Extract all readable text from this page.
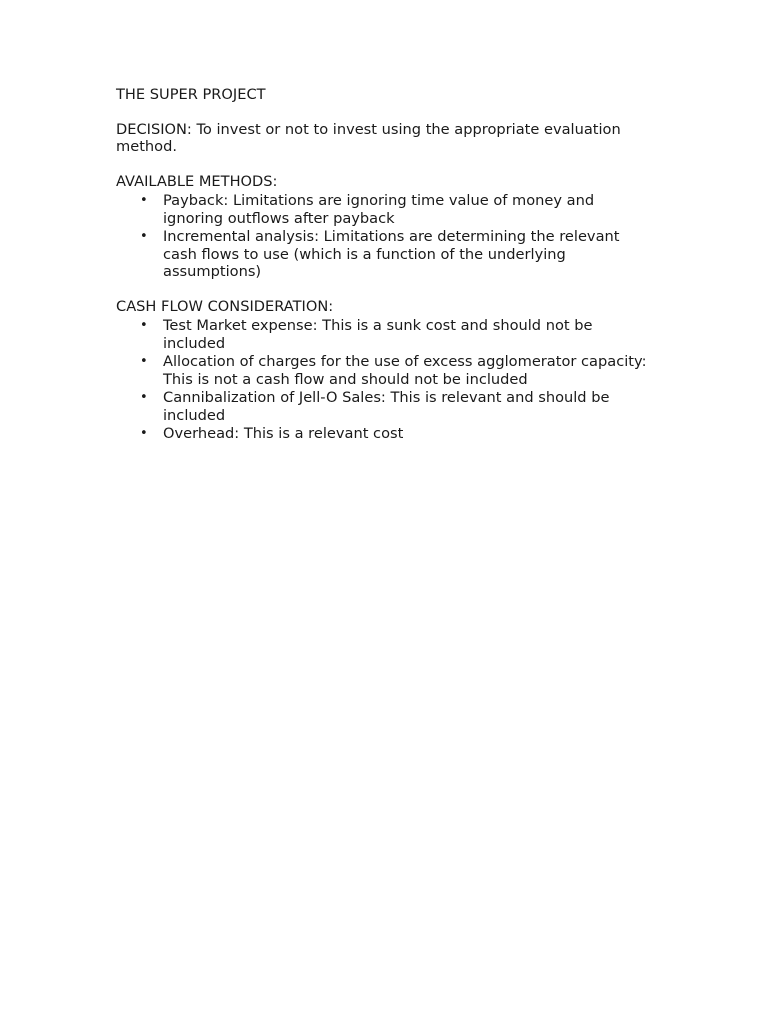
THE SUPER PROJECT
DECISION: To invest or not to invest using the appropriate evaluation method.
AVAILABLE METHODS:
• Payback: Limitations are ignoring time value of money and ignoring outflows after payback
• Incremental analysis: Limitations are determining the relevant cash flows to use (which is a function of the underlying assumptions)
CASH FLOW CONSIDERATION:
• Test Market expense: This is a sunk cost and should not be included
• Allocation of charges for the use of excess agglomerator capacity: This is not a cash flow and should not be included
• Cannibalization of Jell-O Sales: This is relevant and should be included
• Overhead: This is a relevant cost
